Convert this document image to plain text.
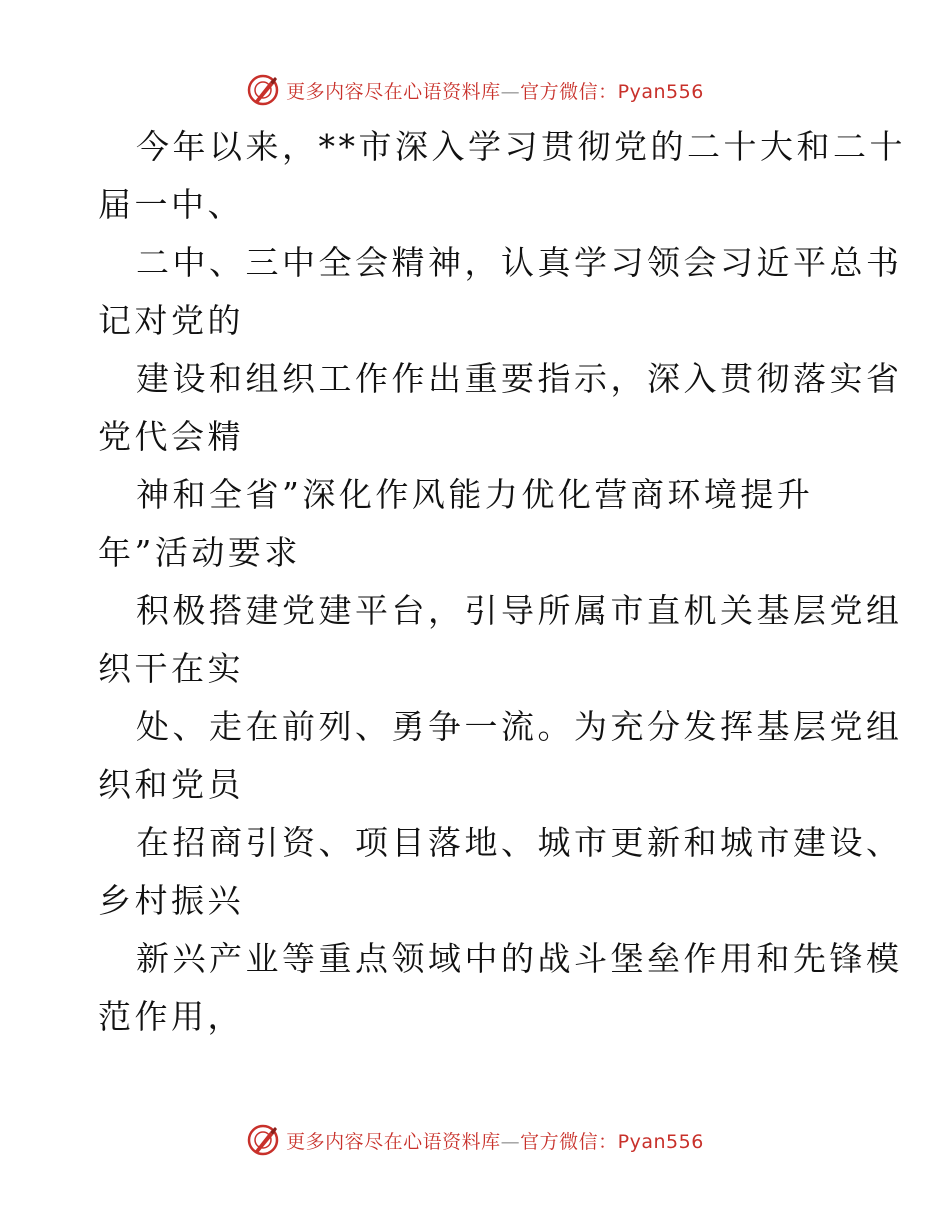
更多内容尽在心语资料库—官方微信：Pyan556

今年以来，**市深入学习贯彻党的二十大和二十
届一中、

二中、三中全会精神，认真学习领会习近平总书
记对党的

建设和组织工作作出重要指示，深入贯彻落实省
党代会精

神和全省”深化作风能力优化营商环境提升
年”活动要求

积极搭建党建平台，引导所属市直机关基层党组
织干在实

处、走在前列、勇争一流。为充分发挥基层党组
织和党员

在招商引资、项目落地、城市更新和城市建设、
乡村振兴

新兴产业等重点领域中的战斗堡垒作用和先锋模
范作用，

更多内容尽在心语资料库—官方微信：Pyan556
